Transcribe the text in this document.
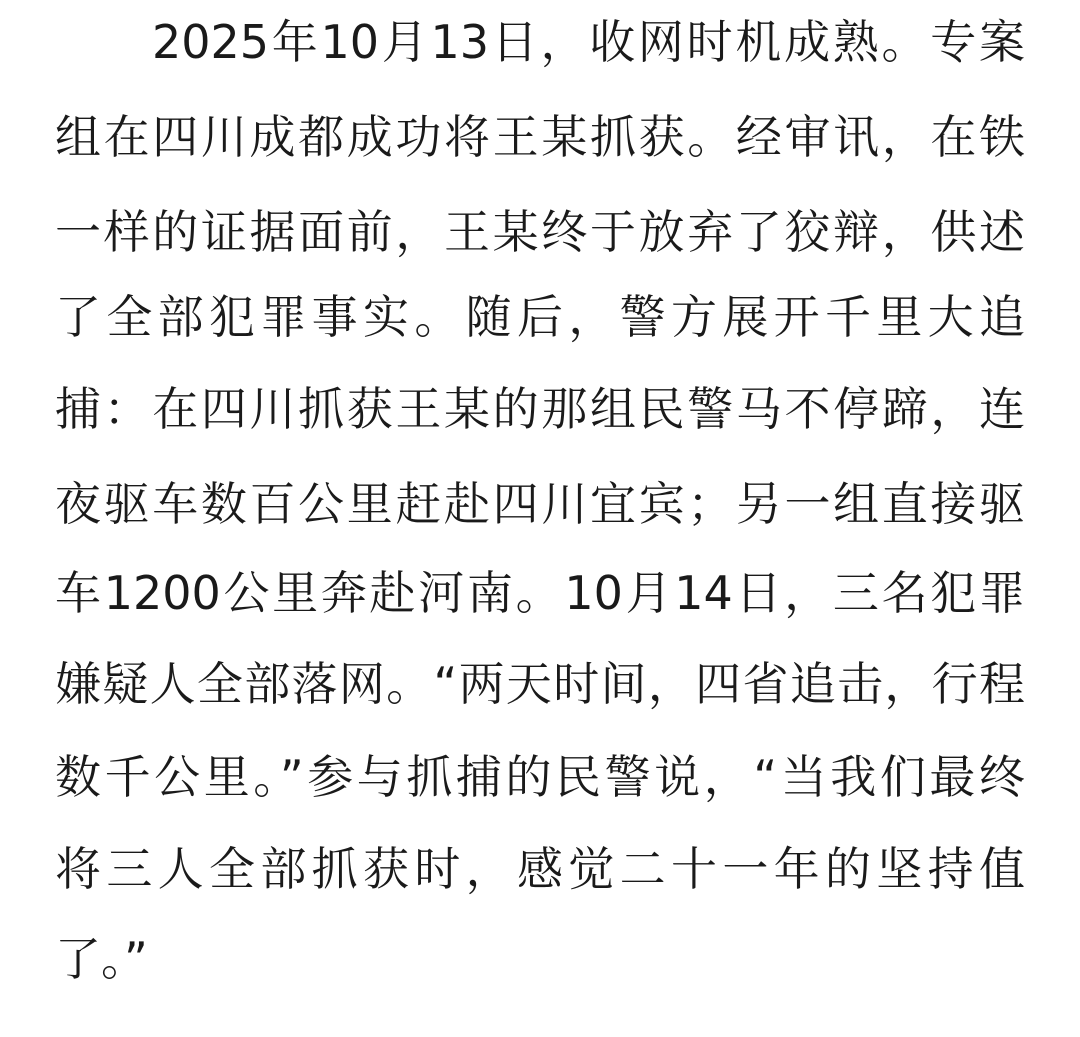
2025年10月13日，收网时机成熟。专案
组在四川成都成功将王某抓获。经审讯，在铁
一样的证据面前，王某终于放弃了狡辩，供述
了全部犯罪事实。随后，警方展开千里大追
捕：在四川抓获王某的那组民警马不停蹄，连
夜驱车数百公里赶赴四川宜宾；另一组直接驱
车1200公里奔赴河南。10月14日，三名犯罪
嫌疑人全部落网。“两天时间，四省追击，行程
数千公里。”参与抓捕的民警说，“当我们最终
将三人全部抓获时，感觉二十一年的坚持值
了。”
